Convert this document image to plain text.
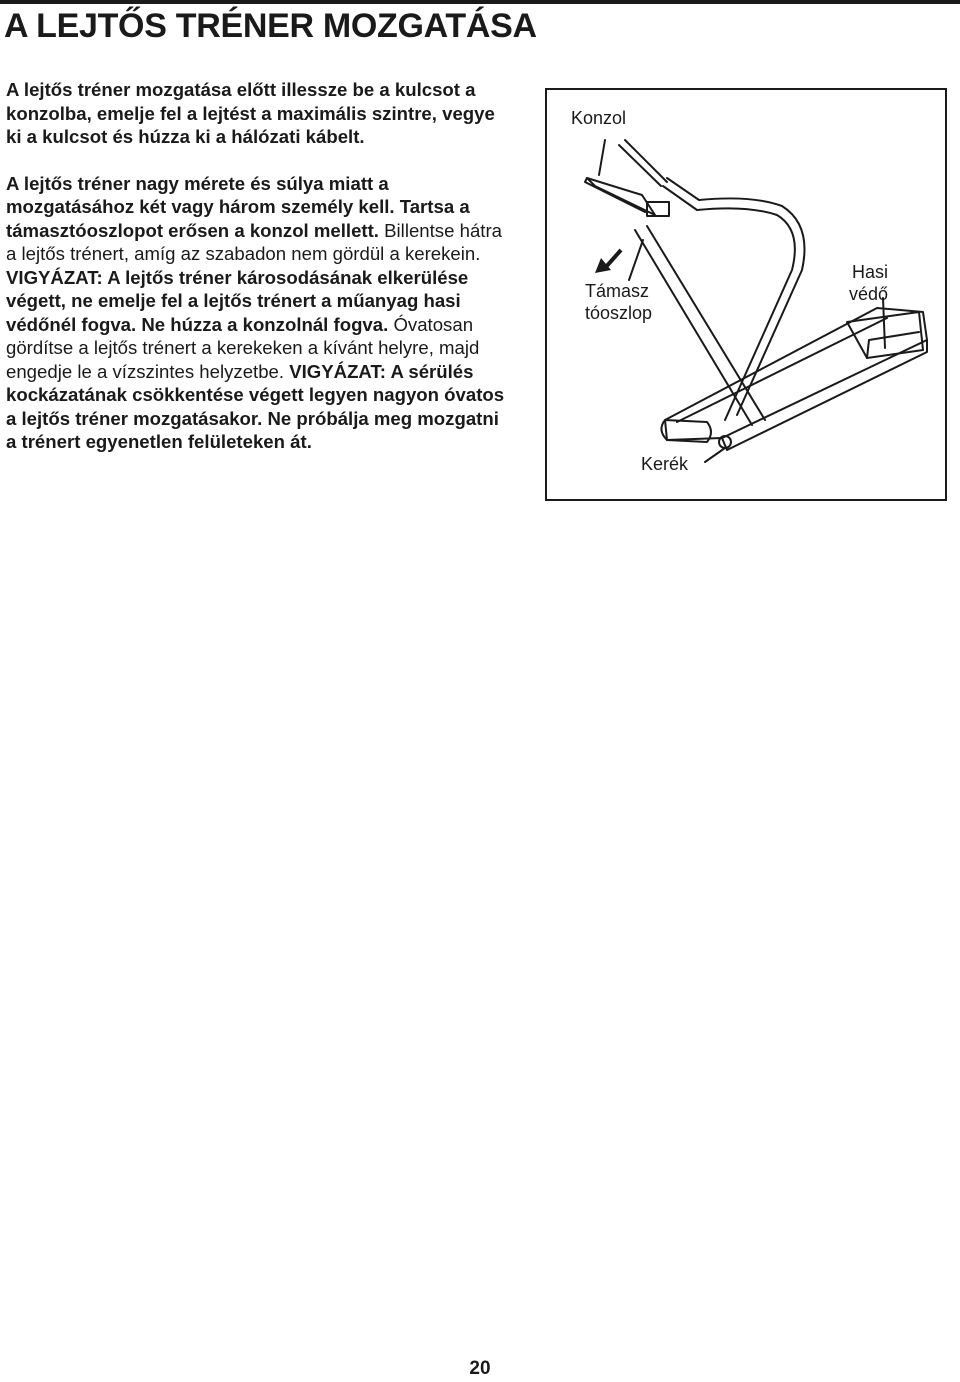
A LEJTŐS TRÉNER MOZGATÁSA

A lejtős tréner mozgatása előtt illessze be a kulcsot a konzolba, emelje fel a lejtést a maximális szintre, vegye ki a kulcsot és húzza ki a hálózati kábelt.

A lejtős tréner nagy mérete és súlya miatt a mozgatásához két vagy három személy kell. Tartsa a támasztóoszlopot erősen a konzol mellett. Billentse hátra a lejtős trénert, amíg az szabadon nem gördül a kerekein. VIGYÁZAT: A lejtős tréner károsodásának elkerülése végett, ne emelje fel a lejtős trénert a műanyag hasi védőnél fogva. Ne húzza a konzolnál fogva. Óvatosan gördítse a lejtős trénert a kerekeken a kívánt helyre, majd engedje le a vízszintes helyzetbe. VIGYÁZAT: A sérülés kockázatának csökkentése végett legyen nagyon óvatos a lejtős tréner mozgatásakor. Ne próbálja meg mozgatni a trénert egyenetlen felületeken át.

Konzol
Támasz
tóoszlop
Hasi
védő
Kerék
20
